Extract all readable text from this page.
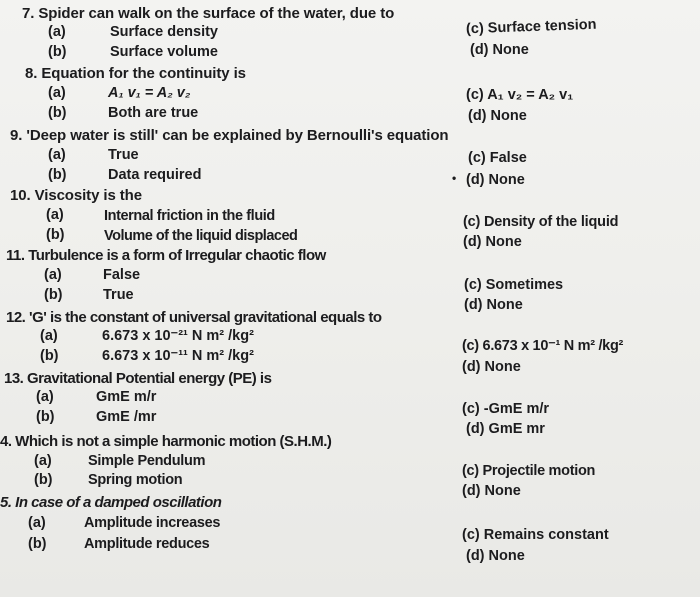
7. Spider can walk on the surface of the water, due to
(a)	Surface density
(b)	Surface volume
(c) Surface tension
(d) None
8. Equation for the continuity is
(a)	A₁ v₁ = A₂ v₂
(b)	Both are true
(c) A₁ v₂ = A₂ v₁
(d) None
9. 'Deep water is still' can be explained by Bernoulli's equation
(a)	True
(b)	Data required
(c) False
• (d) None
10. Viscosity is the
(a)	Internal friction in the fluid
(b)	Volume of the liquid displaced
(c) Density of the liquid
(d) None
11. Turbulence is a form of Irregular chaotic flow
(a)	False
(b)	True
(c) Sometimes
(d) None
12. 'G' is the constant of universal gravitational equals to
(a)	6.673 x 10⁻²¹ N m² /kg²
(b)	6.673 x 10⁻¹¹ N m² /kg²
(c) 6.673 x 10⁻¹ N m² /kg²
(d) None
13. Gravitational Potential energy (PE) is
(a)	GmE m/r
(b)	GmE /mr	(c) -GmE m/r
(d) GmE mr
4. Which is not a simple harmonic motion (S.H.M.)
(a)	Simple Pendulum
(b) Spring motion
(c) Projectile motion
(d) None
5. In case of a damped oscillation
(a)	Amplitude increases
(b)	Amplitude reduces
(c) Remains constant
(d) None
